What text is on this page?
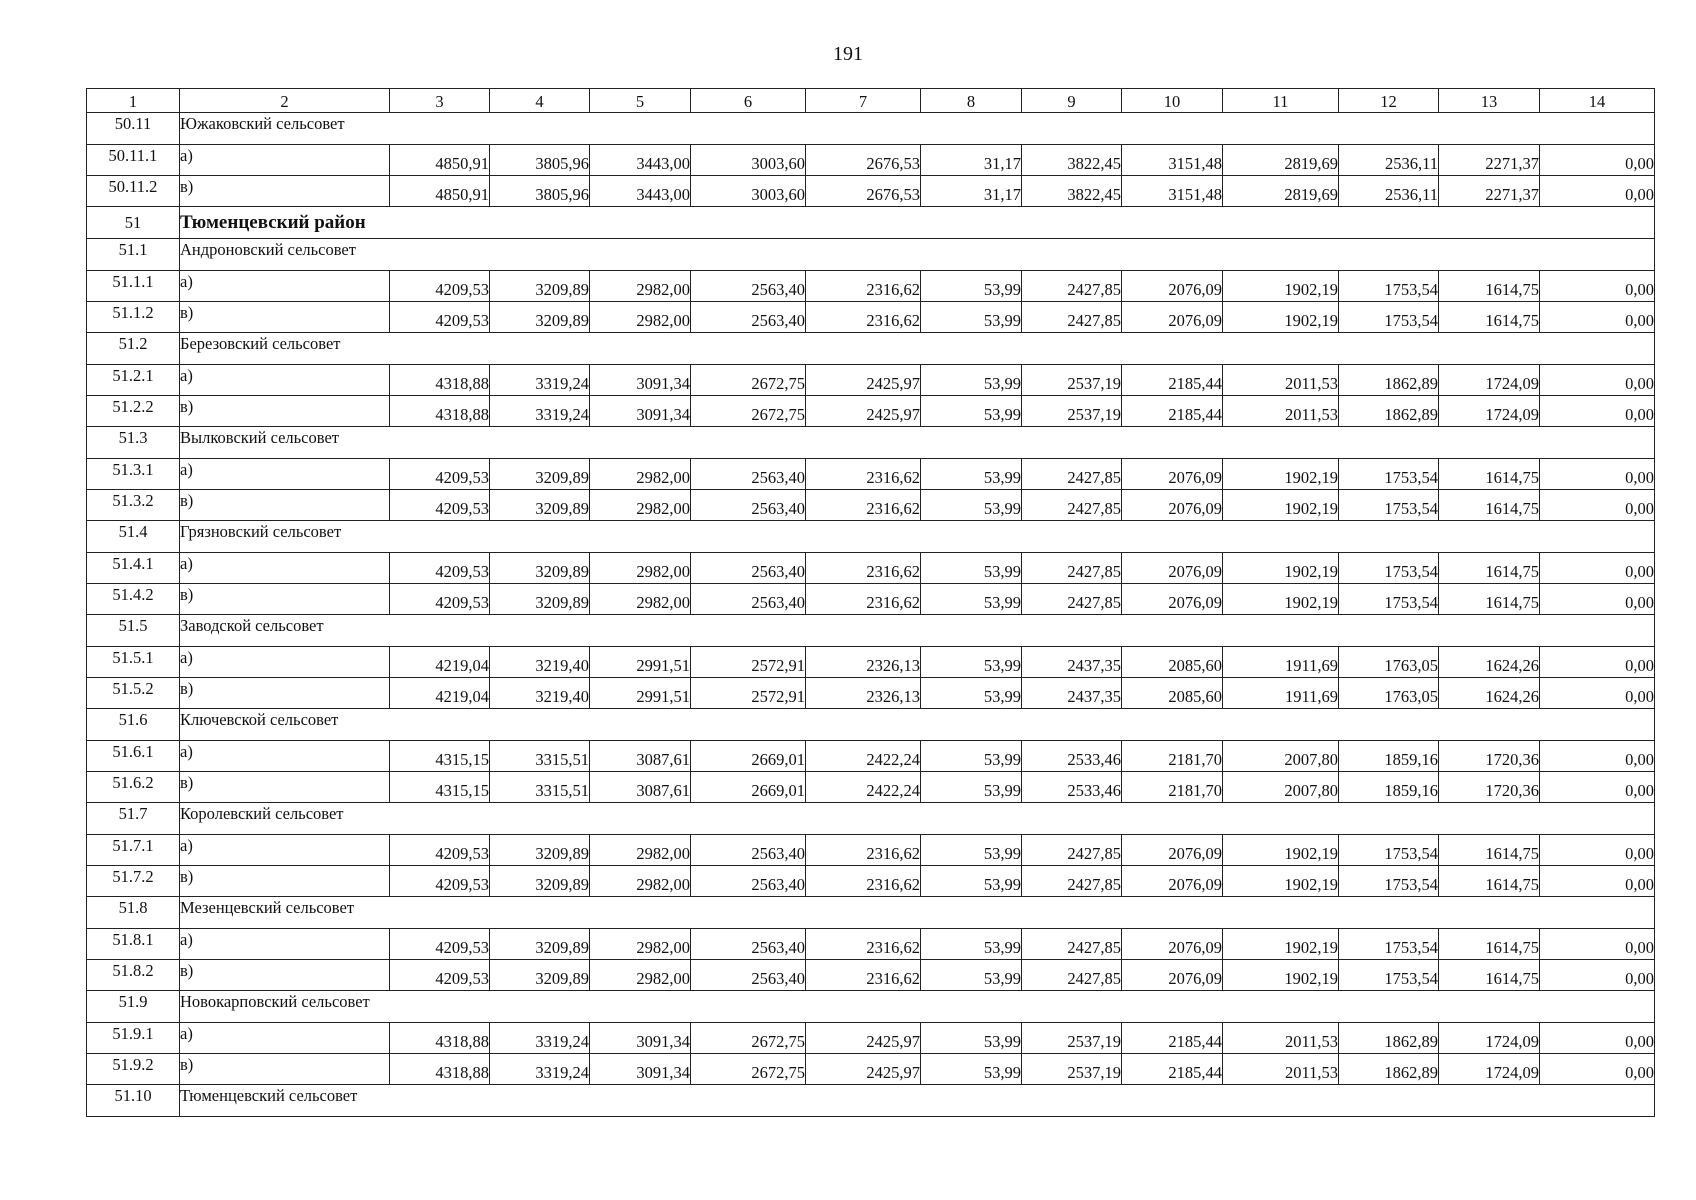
191
1	2	3	4	5	6	7	8	9	10	11	12	13	14
50.11	Южаковский сельсовет												
50.11.1	а)	4850,91	3805,96	3443,00	3003,60	2676,53	31,17	3822,45	3151,48	2819,69	2536,11	2271,37	0,00
50.11.2	в)	4850,91	3805,96	3443,00	3003,60	2676,53	31,17	3822,45	3151,48	2819,69	2536,11	2271,37	0,00
51	Тюменцевский район												
51.1	Андроновский сельсовет												
51.1.1	а)	4209,53	3209,89	2982,00	2563,40	2316,62	53,99	2427,85	2076,09	1902,19	1753,54	1614,75	0,00
51.1.2	в)	4209,53	3209,89	2982,00	2563,40	2316,62	53,99	2427,85	2076,09	1902,19	1753,54	1614,75	0,00
51.2	Березовский сельсовет												
51.2.1	а)	4318,88	3319,24	3091,34	2672,75	2425,97	53,99	2537,19	2185,44	2011,53	1862,89	1724,09	0,00
51.2.2	в)	4318,88	3319,24	3091,34	2672,75	2425,97	53,99	2537,19	2185,44	2011,53	1862,89	1724,09	0,00
51.3	Вылковский сельсовет												
51.3.1	а)	4209,53	3209,89	2982,00	2563,40	2316,62	53,99	2427,85	2076,09	1902,19	1753,54	1614,75	0,00
51.3.2	в)	4209,53	3209,89	2982,00	2563,40	2316,62	53,99	2427,85	2076,09	1902,19	1753,54	1614,75	0,00
51.4	Грязновский сельсовет												
51.4.1	а)	4209,53	3209,89	2982,00	2563,40	2316,62	53,99	2427,85	2076,09	1902,19	1753,54	1614,75	0,00
51.4.2	в)	4209,53	3209,89	2982,00	2563,40	2316,62	53,99	2427,85	2076,09	1902,19	1753,54	1614,75	0,00
51.5	Заводской сельсовет												
51.5.1	а)	4219,04	3219,40	2991,51	2572,91	2326,13	53,99	2437,35	2085,60	1911,69	1763,05	1624,26	0,00
51.5.2	в)	4219,04	3219,40	2991,51	2572,91	2326,13	53,99	2437,35	2085,60	1911,69	1763,05	1624,26	0,00
51.6	Ключевской сельсовет												
51.6.1	а)	4315,15	3315,51	3087,61	2669,01	2422,24	53,99	2533,46	2181,70	2007,80	1859,16	1720,36	0,00
51.6.2	в)	4315,15	3315,51	3087,61	2669,01	2422,24	53,99	2533,46	2181,70	2007,80	1859,16	1720,36	0,00
51.7	Королевский сельсовет												
51.7.1	а)	4209,53	3209,89	2982,00	2563,40	2316,62	53,99	2427,85	2076,09	1902,19	1753,54	1614,75	0,00
51.7.2	в)	4209,53	3209,89	2982,00	2563,40	2316,62	53,99	2427,85	2076,09	1902,19	1753,54	1614,75	0,00
51.8	Мезенцевский сельсовет												
51.8.1	а)	4209,53	3209,89	2982,00	2563,40	2316,62	53,99	2427,85	2076,09	1902,19	1753,54	1614,75	0,00
51.8.2	в)	4209,53	3209,89	2982,00	2563,40	2316,62	53,99	2427,85	2076,09	1902,19	1753,54	1614,75	0,00
51.9	Новокарповский сельсовет												
51.9.1	а)	4318,88	3319,24	3091,34	2672,75	2425,97	53,99	2537,19	2185,44	2011,53	1862,89	1724,09	0,00
51.9.2	в)	4318,88	3319,24	3091,34	2672,75	2425,97	53,99	2537,19	2185,44	2011,53	1862,89	1724,09	0,00
51.10	Тюменцевский сельсовет												
